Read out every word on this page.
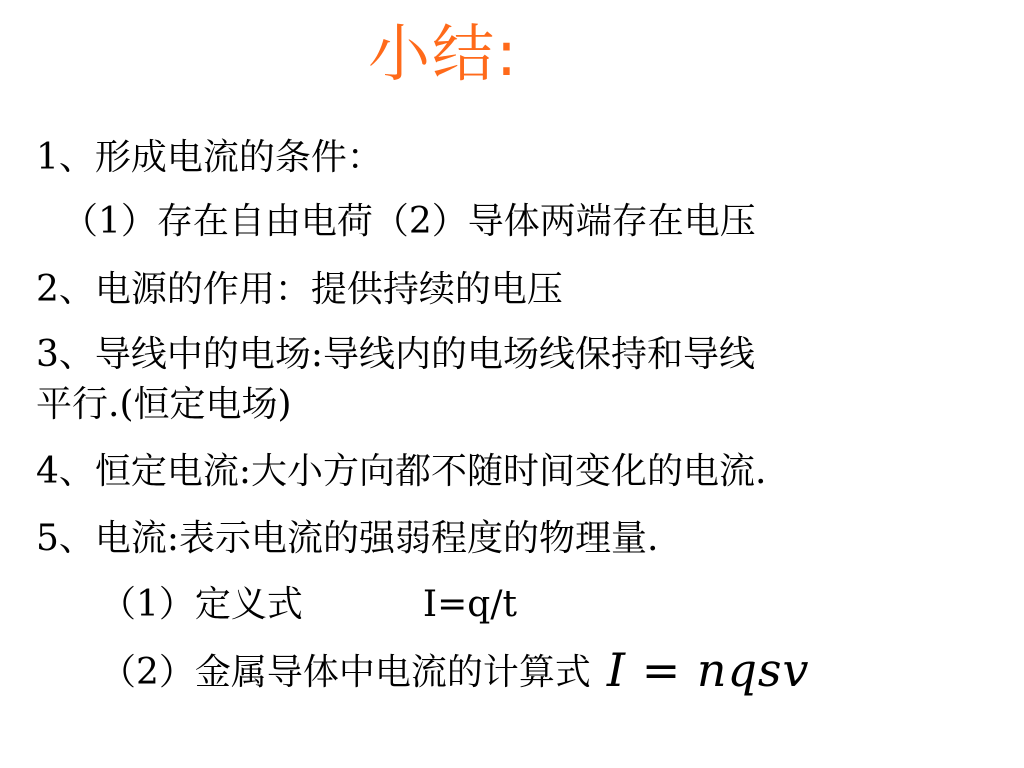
小结:
1、形成电流的条件：
（1）存在自由电荷（2）导体两端存在电压
2、电源的作用：提供持续的电压
3、导线中的电场:导线内的电场线保持和导线
平行.(恒定电场)
4、恒定电流:大小方向都不随时间变化的电流.
5、电流:表示电流的强弱程度的物理量.
（1）定义式	I=q/t
（2）金属导体中电流的计算式 I = nqsv
